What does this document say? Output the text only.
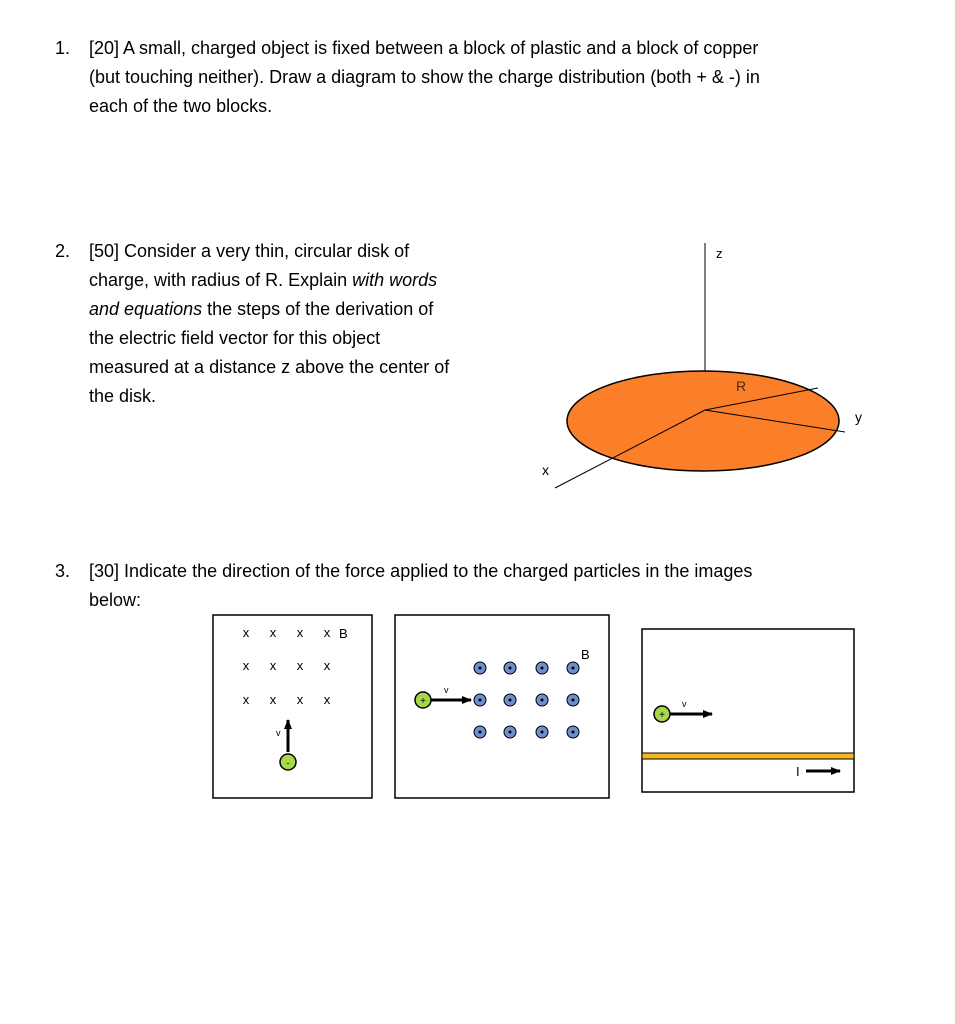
1. [20] A small, charged object is fixed between a block of plastic and a block of copper

(but touching neither). Draw a diagram to show the charge distribution (both + & -) in

each of the two blocks.

2. [50] Consider a very thin, circular disk of

charge, with radius of R. Explain with words

and equations the steps of the derivation of

the electric field vector for this object

measured at a distance z above the center of

the disk.

z
R
y
x
3. [30] Indicate the direction of the force applied to the charged particles in the images

below:

x x x x
x x x x
x x x x
B
v
-
B
v
+	v
+
I
